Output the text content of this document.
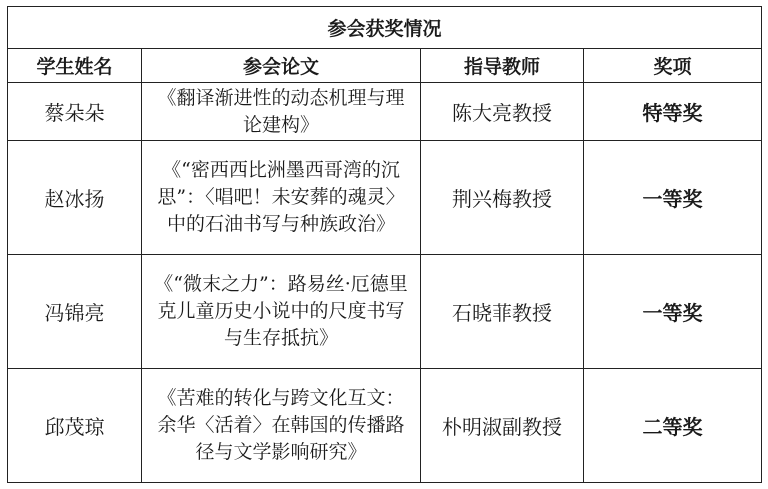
参会获奖情况			
学生姓名	参会论文	指导教师	奖项
蔡朵朵	《翻译渐进性的动态机理与理论建构》	陈大亮教授	特等奖
赵冰扬	《“密西西比洲墨西哥湾的沉思”：〈唱吧！未安葬的魂灵〉中的石油书写与种族政治》	荆兴梅教授	一等奖
冯锦亮	《“微末之力”：路易丝·厄德里克儿童历史小说中的尺度书写与生存抵抗》	石晓菲教授	一等奖
邱茂琼	《苦难的转化与跨文化互文：余华〈活着〉在韩国的传播路径与文学影响研究》	朴明淑副教授	二等奖
